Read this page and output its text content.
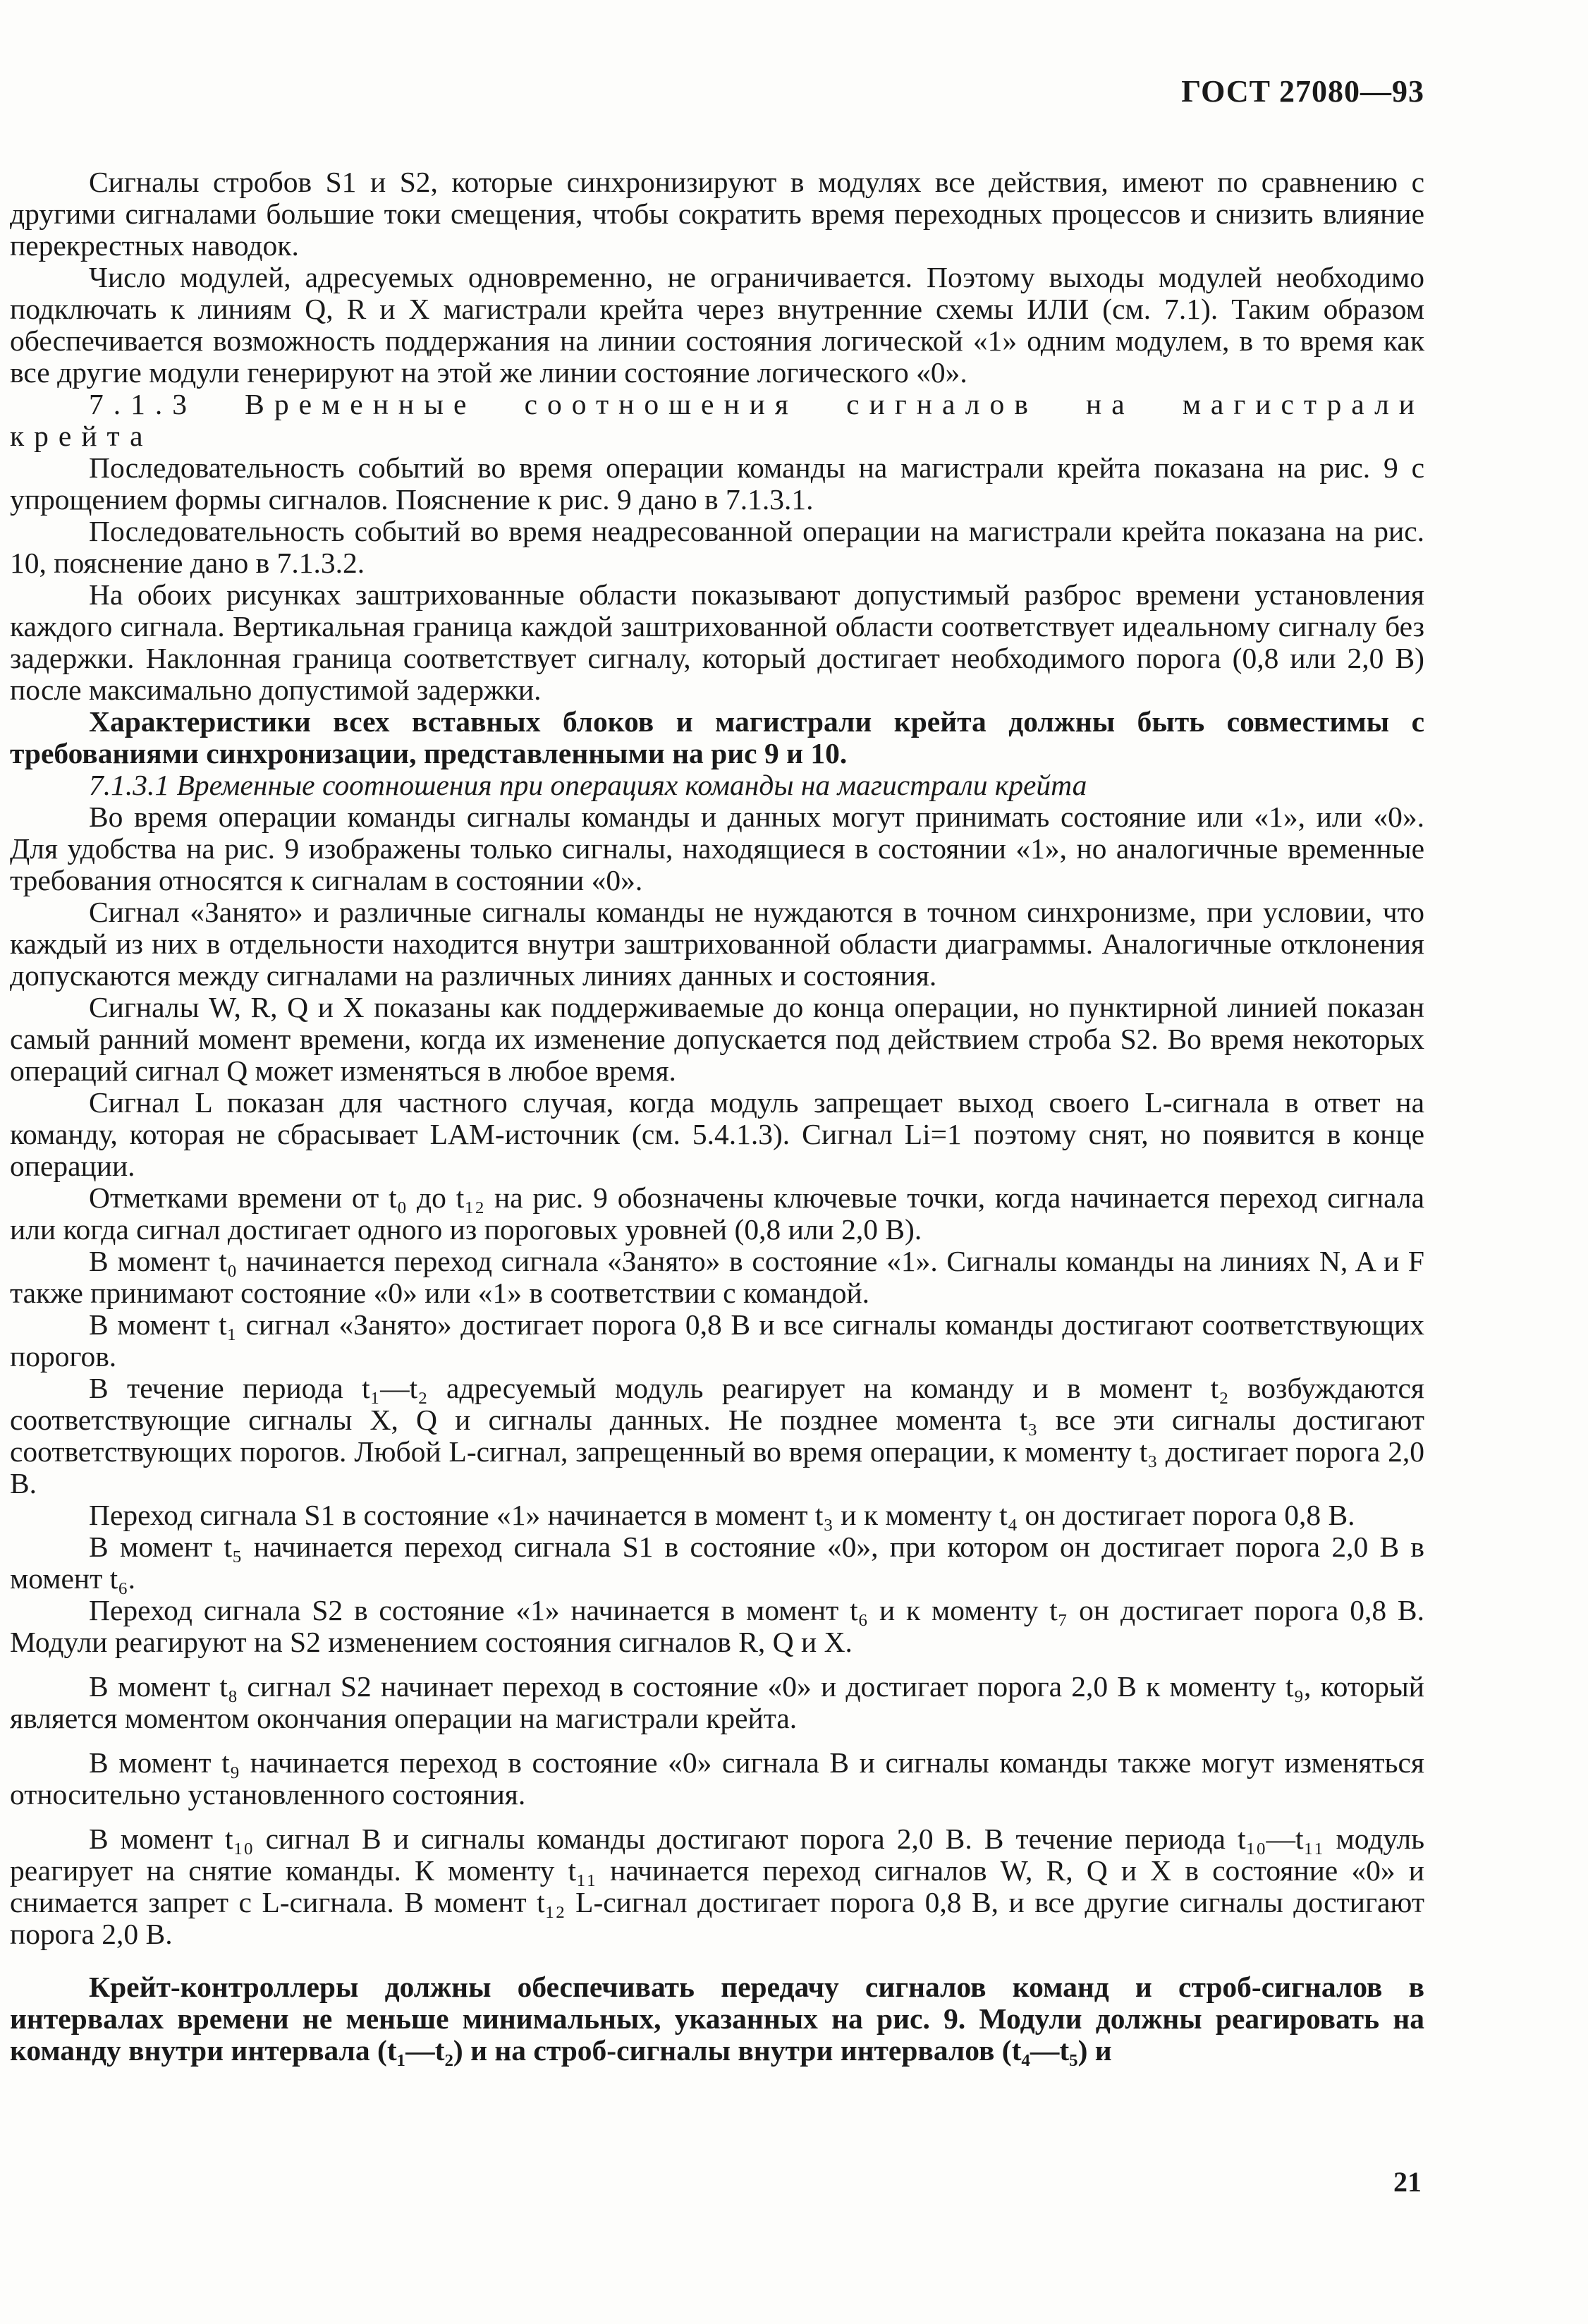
ГОСТ 27080—93

Сигналы стробов S1 и S2, которые синхронизируют в модулях все действия, имеют по сравнению с другими сигналами большие токи смещения, чтобы сократить время переходных процессов и снизить влияние перекрестных наводок.

Число модулей, адресуемых одновременно, не ограничивается. Поэтому выходы модулей необходимо подключать к линиям Q, R и X магистрали крейта через внутренние схемы ИЛИ (см. 7.1). Таким образом обеспечивается возможность поддержания на линии состояния логической «1» одним модулем, в то время как все другие модули генерируют на этой же линии состояние логического «0».

7.1.3 Временные соотношения сигналов на магистрали крейта

Последовательность событий во время операции команды на магистрали крейта показана на рис. 9 с упрощением формы сигналов. Пояснение к рис. 9 дано в 7.1.3.1.

Последовательность событий во время неадресованной операции на магистрали крейта показана на рис. 10, пояснение дано в 7.1.3.2.

На обоих рисунках заштрихованные области показывают допустимый разброс времени установления каждого сигнала. Вертикальная граница каждой заштрихованной области соответствует идеальному сигналу без задержки. Наклонная граница соответствует сигналу, который достигает необходимого порога (0,8 или 2,0 В) после максимально допустимой задержки.

Характеристики всех вставных блоков и магистрали крейта должны быть совместимы с требованиями синхронизации, представленными на рис 9 и 10.

7.1.3.1 Временные соотношения при операциях команды на магистрали крейта

Во время операции команды сигналы команды и данных могут принимать состояние или «1», или «0». Для удобства на рис. 9 изображены только сигналы, находящиеся в состоянии «1», но аналогичные временные требования относятся к сигналам в состоянии «0».

Сигнал «Занято» и различные сигналы команды не нуждаются в точном синхронизме, при условии, что каждый из них в отдельности находится внутри заштрихованной области диаграммы. Аналогичные отклонения допускаются между сигналами на различных линиях данных и состояния.

Сигналы W, R, Q и X показаны как поддерживаемые до конца операции, но пунктирной линией показан самый ранний момент времени, когда их изменение допускается под действием строба S2. Во время некоторых операций сигнал Q может изменяться в любое время.

Сигнал L показан для частного случая, когда модуль запрещает выход своего L-сигнала в ответ на команду, которая не сбрасывает LAM-источник (см. 5.4.1.3). Сигнал Li=1 поэтому снят, но появится в конце операции.

Отметками времени от t₀ до t₁₂ на рис. 9 обозначены ключевые точки, когда начинается переход сигнала или когда сигнал достигает одного из пороговых уровней (0,8 или 2,0 В).

В момент t₀ начинается переход сигнала «Занято» в состояние «1». Сигналы команды на линиях N, A и F также принимают состояние «0» или «1» в соответствии с командой.

В момент t₁ сигнал «Занято» достигает порога 0,8 В и все сигналы команды достигают соответствующих порогов.

В течение периода t₁—t₂ адресуемый модуль реагирует на команду и в момент t₂ возбуждаются соответствующие сигналы X, Q и сигналы данных. Не позднее момента t₃ все эти сигналы достигают соответствующих порогов. Любой L-сигнал, запрещенный во время операции, к моменту t₃ достигает порога 2,0 В.

Переход сигнала S1 в состояние «1» начинается в момент t₃ и к моменту t₄ он достигает порога 0,8 В.

В момент t₅ начинается переход сигнала S1 в состояние «0», при котором он достигает порога 2,0 В в момент t₆.

Переход сигнала S2 в состояние «1» начинается в момент t₆ и к моменту t₇ он достигает порога 0,8 В. Модули реагируют на S2 изменением состояния сигналов R, Q и X.

В момент t₈ сигнал S2 начинает переход в состояние «0» и достигает порога 2,0 В к моменту t₉, который является моментом окончания операции на магистрали крейта.

В момент t₉ начинается переход в состояние «0» сигнала B и сигналы команды также могут изменяться относительно установленного состояния.

В момент t₁₀ сигнал B и сигналы команды достигают порога 2,0 В. В течение периода t₁₀—t₁₁ модуль реагирует на снятие команды. К моменту t₁₁ начинается переход сигналов W, R, Q и X в состояние «0» и снимается запрет с L-сигнала. В момент t₁₂ L-сигнал достигает порога 0,8 В, и все другие сигналы достигают порога 2,0 В.

Крейт-контроллеры должны обеспечивать передачу сигналов команд и строб-сигналов в интервалах времени не меньше минимальных, указанных на рис. 9. Модули должны реагировать на команду внутри интервала (t₁—t₂) и на строб-сигналы внутри интервалов (t₄—t₅) и

21
